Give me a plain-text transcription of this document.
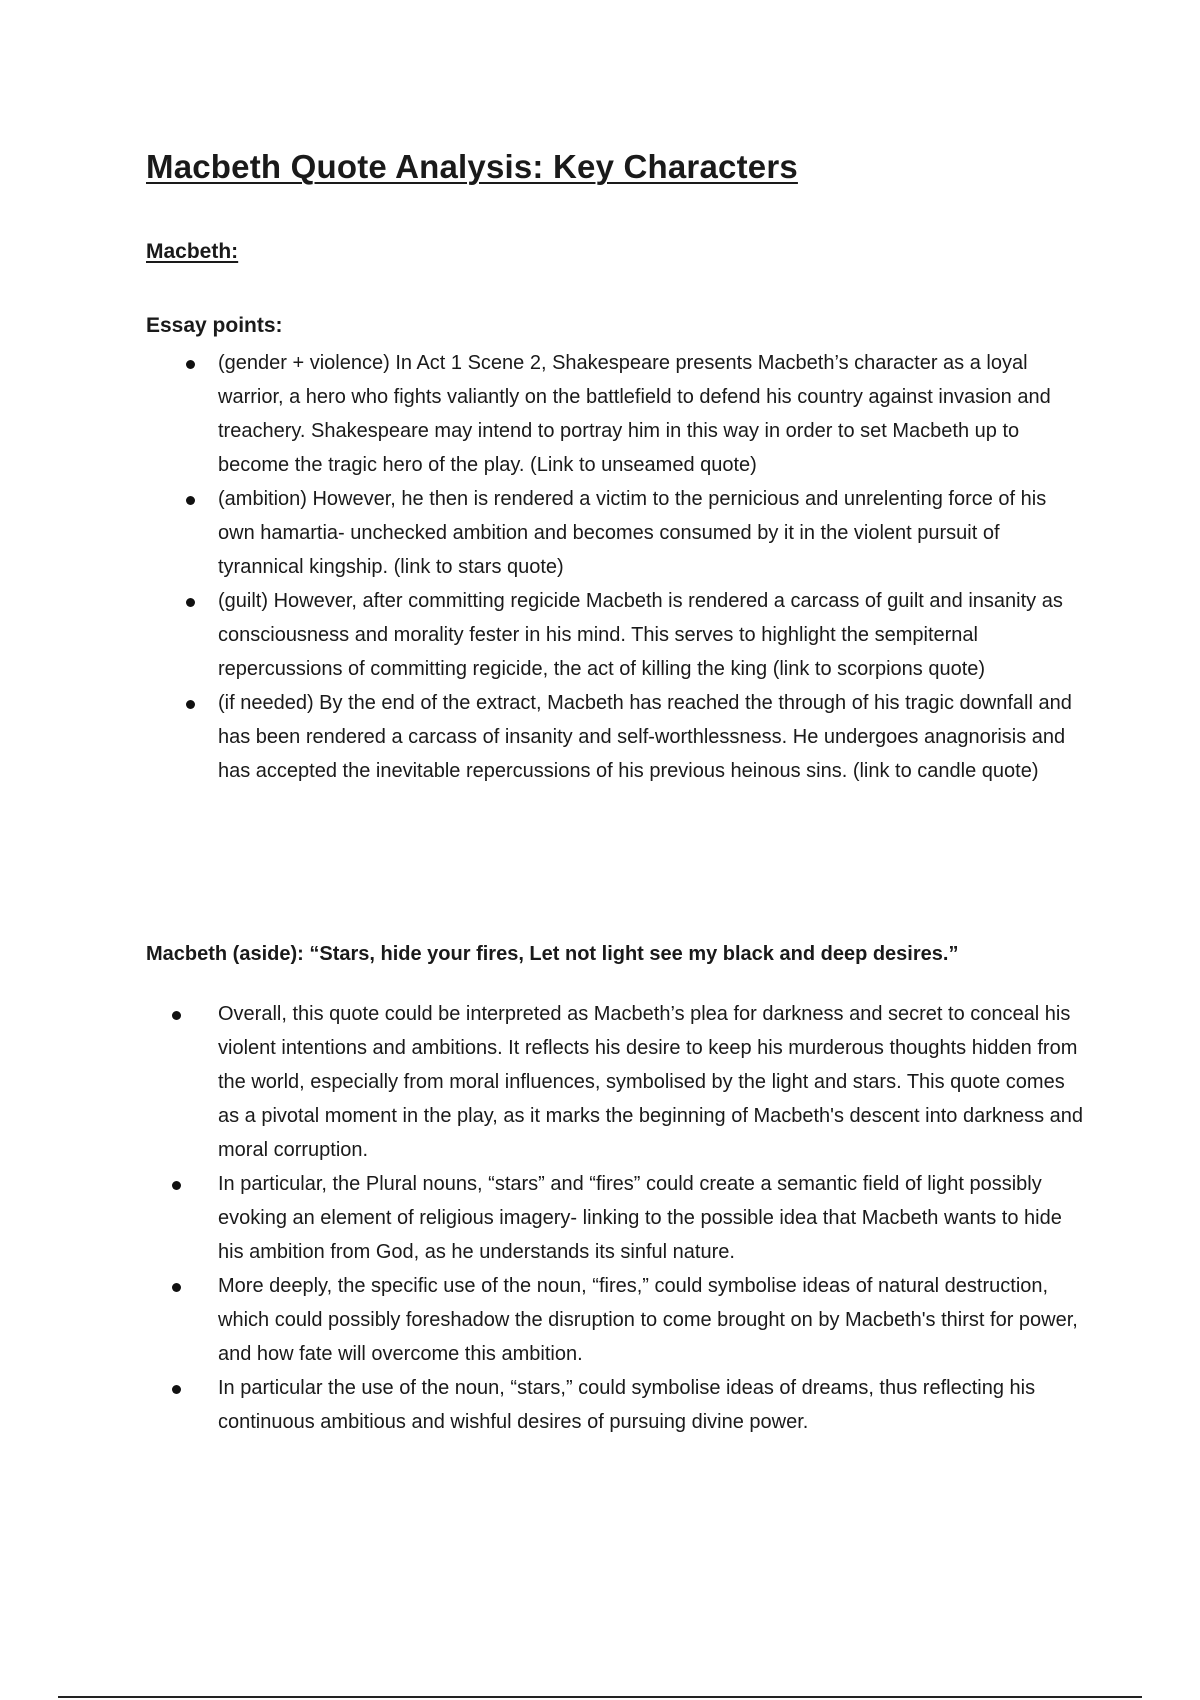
Macbeth Quote Analysis: Key Characters
Macbeth:
Essay points:
(gender + violence) In Act 1 Scene 2, Shakespeare presents Macbeth’s character as a loyal warrior, a hero who fights valiantly on the battlefield to defend his country against invasion and treachery. Shakespeare may intend to portray him in this way in order to set Macbeth up to become the tragic hero of the play. (Link to unseamed quote)
(ambition) However, he then is rendered a victim to the pernicious and unrelenting force of his own hamartia- unchecked ambition and becomes consumed by it in the violent pursuit of tyrannical kingship. (link to stars quote)
(guilt) However, after committing regicide Macbeth is rendered a carcass of guilt and insanity as consciousness and morality fester in his mind. This serves to highlight the sempiternal repercussions of committing regicide, the act of killing the king (link to scorpions quote)
(if needed) By the end of the extract, Macbeth has reached the through of his tragic downfall and has been rendered a carcass of insanity and self-worthlessness. He undergoes anagnorisis and has accepted the inevitable repercussions of his previous heinous sins. (link to candle quote)
Macbeth (aside): “Stars, hide your fires, Let not light see my black and deep desires.”
Overall, this quote could be interpreted as Macbeth’s plea for darkness and secret to conceal his violent intentions and ambitions. It reflects his desire to keep his murderous thoughts hidden from the world, especially from moral influences, symbolised by the light and stars. This quote comes as a pivotal moment in the play, as it marks the beginning of Macbeth's descent into darkness and moral corruption.
In particular, the Plural nouns, “stars” and “fires” could create a semantic field of light possibly evoking an element of religious imagery- linking to the possible idea that Macbeth wants to hide his ambition from God, as he understands its sinful nature.
More deeply, the specific use of the noun, “fires,” could symbolise ideas of natural destruction, which could possibly foreshadow the disruption to come brought on by Macbeth's thirst for power, and how fate will overcome this ambition.
In particular the use of the noun, “stars,” could symbolise ideas of dreams, thus reflecting his continuous ambitious and wishful desires of pursuing divine power.
